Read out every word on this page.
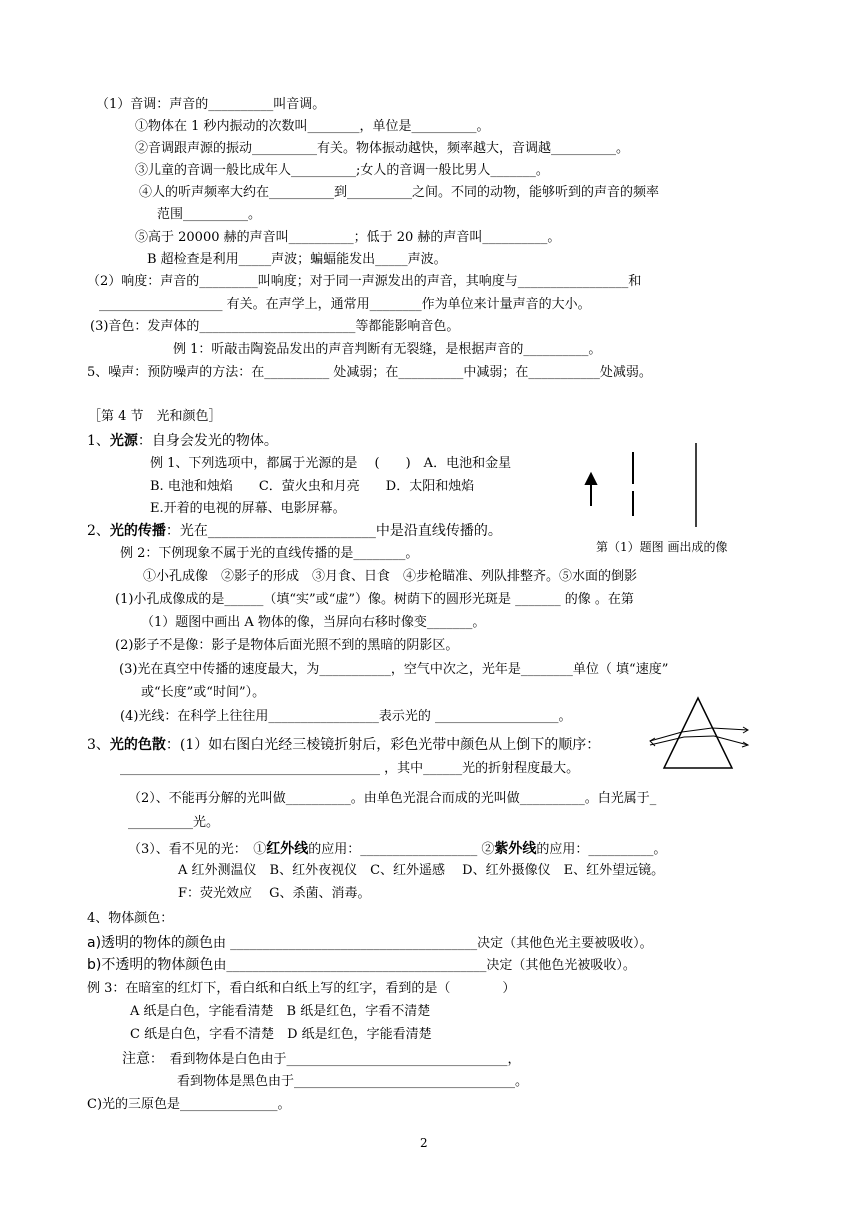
（1）音调：声音的__________叫音调。
①物体在 1 秒内振动的次数叫________，单位是__________。
②音调跟声源的振动__________有关。物体振动越快，频率越大，音调越__________。
③儿童的音调一般比成年人__________;女人的音调一般比男人_______。
④人的听声频率大约在__________到__________之间。不同的动物，能够听到的声音的频率
范围__________。
⑤高于 20000 赫的声音叫__________；低于 20 赫的声音叫__________。
B 超检查是利用_____声波；蝙蝠能发出_____声波。
（2）响度：声音的_________叫响度；对于同一声源发出的声音，其响度与_________________和
___________________ 有关。在声学上，通常用________作为单位来计量声音的大小。
(3)音色：发声体的________________________等都能影响音色。
例 1：听敲击陶瓷品发出的声音判断有无裂缝，是根据声音的__________。
5、噪声：预防噪声的方法：在__________ 处减弱；在__________中减弱；在___________处减弱。
［第 4 节　光和颜色］
1、光源：自身会发光的物体。
例 1、下列选项中，都属于光源的是　 (　　)　A．电池和金星
B. 电池和烛焰　　C．萤火虫和月亮　　D．太阳和烛焰
E.开着的电视的屏幕、电影屏幕。
2、光的传播：光在________________________中是沿直线传播的。
第（1）题图 画出成的像
例 2：下例现象不属于光的直线传播的是________。
①小孔成像　②影子的形成　③月食、日食　④步枪瞄准、列队排整齐。⑤水面的倒影
(1)小孔成像成的是______（填“实”或“虚”）像。树荫下的圆形光斑是 _______ 的像 。在第
（1）题图中画出 A 物体的像，当屏向右移时像变_______。
(2)影子不是像：影子是物体后面光照不到的黑暗的阴影区。
(3)光在真空中传播的速度最大，为___________，空气中次之，光年是________单位（ 填“速度”
或“长度”或“时间”）。
(4)光线：在科学上往往用_________________表示光的 ___________________。
3、光的色散：(1）如右图白光经三棱镜折射后，彩色光带中颜色从上倒下的顺序：
________________________________________ ，其中______光的折射程度最大。
（2）、不能再分解的光叫做__________。由单色光混合而成的光叫做__________。白光属于_
__________光。
（3）、看不见的光：　①红外线的应用：__________________ ②紫外线的应用：__________。
A 红外测温仪　B、红外夜视仪　C、红外遥感　 D、红外摄像仪　E、红外望远镜。
F：荧光效应　 G、杀菌、消毒。
4、物体颜色：
a)透明的物体的颜色由 ______________________________________决定（其他色光主要被吸收）。
b)不透明的物体颜色由________________________________________决定（其他色光被吸收）。
例 3：在暗室的红灯下，看白纸和白纸上写的红字，看到的是（　　　　）
A 纸是白色，字能看清楚　B 纸是红色，字看不清楚
C 纸是白色，字看不清楚　D 纸是红色，字能看清楚
注意：　看到物体是白色由于__________________________________，
看到物体是黑色由于__________________________________。
C)光的三原色是_______________。
2
